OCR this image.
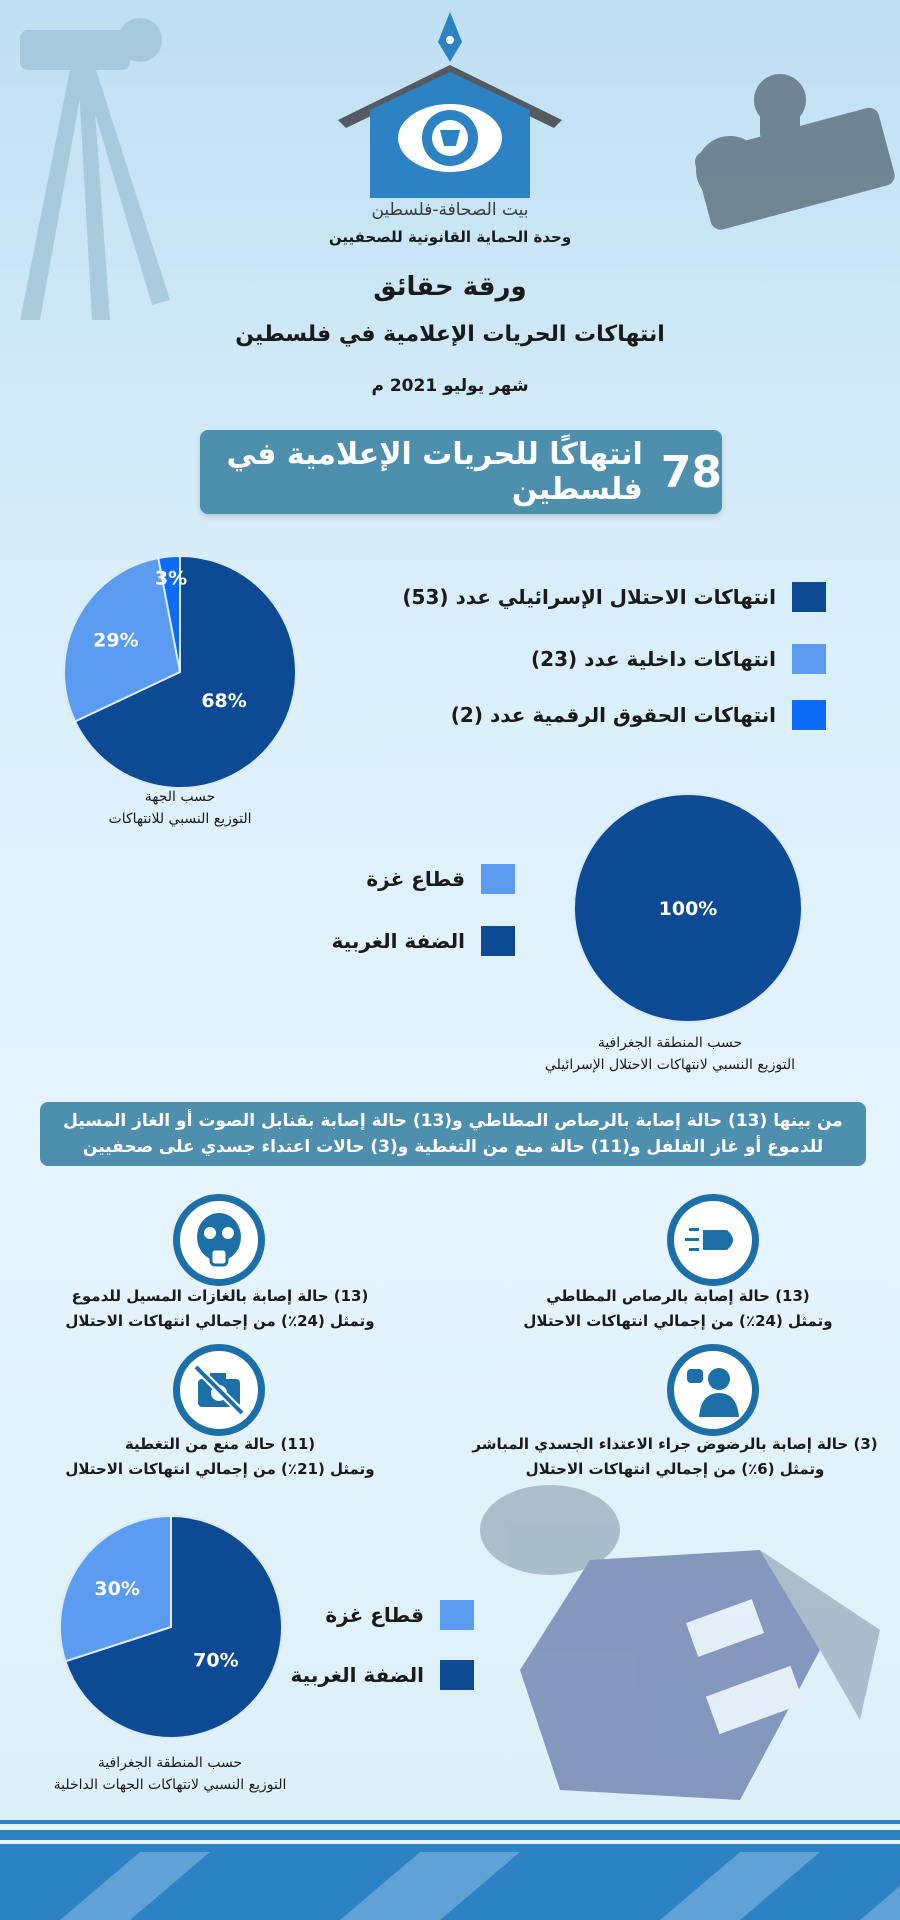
بيت الصحافة-فلسطين
وحدة الحماية القانونية للصحفيين
ورقة حقائق
انتهاكات الحريات الإعلامية في فلسطين
شهر يوليو 2021 م
78
انتهاكًا للحريات الإعلامية في فلسطين
68%
29%
3%
انتهاكات الاحتلال الإسرائيلي عدد (53)
انتهاكات داخلية عدد (23)
انتهاكات الحقوق الرقمية عدد (2)
حسب الجهة
التوزيع النسبي للانتهاكات
100%
قطاع غزة
الضفة الغربية
حسب المنطقة الجغرافية
التوزيع النسبي لانتهاكات الاحتلال الإسرائيلي
من بينها (13) حالة إصابة بالرصاص المطاطي و(13) حالة إصابة بقنابل الصوت أو الغاز المسيل
للدموع أو غاز الفلفل و(11) حالة منع من التغطية و(3) حالات اعتداء جسدي على صحفيين
(13) حالة إصابة بالرصاص المطاطي
وتمثل (24٪) من إجمالي انتهاكات الاحتلال
(13) حالة إصابة بالغازات المسيل للدموع
وتمثل (24٪) من إجمالي انتهاكات الاحتلال
(3) حالة إصابة بالرضوض جراء الاعتداء الجسدي المباشر
وتمثل (6٪) من إجمالي انتهاكات الاحتلال
(11) حالة منع من التغطية
وتمثل (21٪) من إجمالي انتهاكات الاحتلال
70%
30%
قطاع غزة
الضفة الغربية
حسب المنطقة الجغرافية
التوزيع النسبي لانتهاكات الجهات الداخلية
